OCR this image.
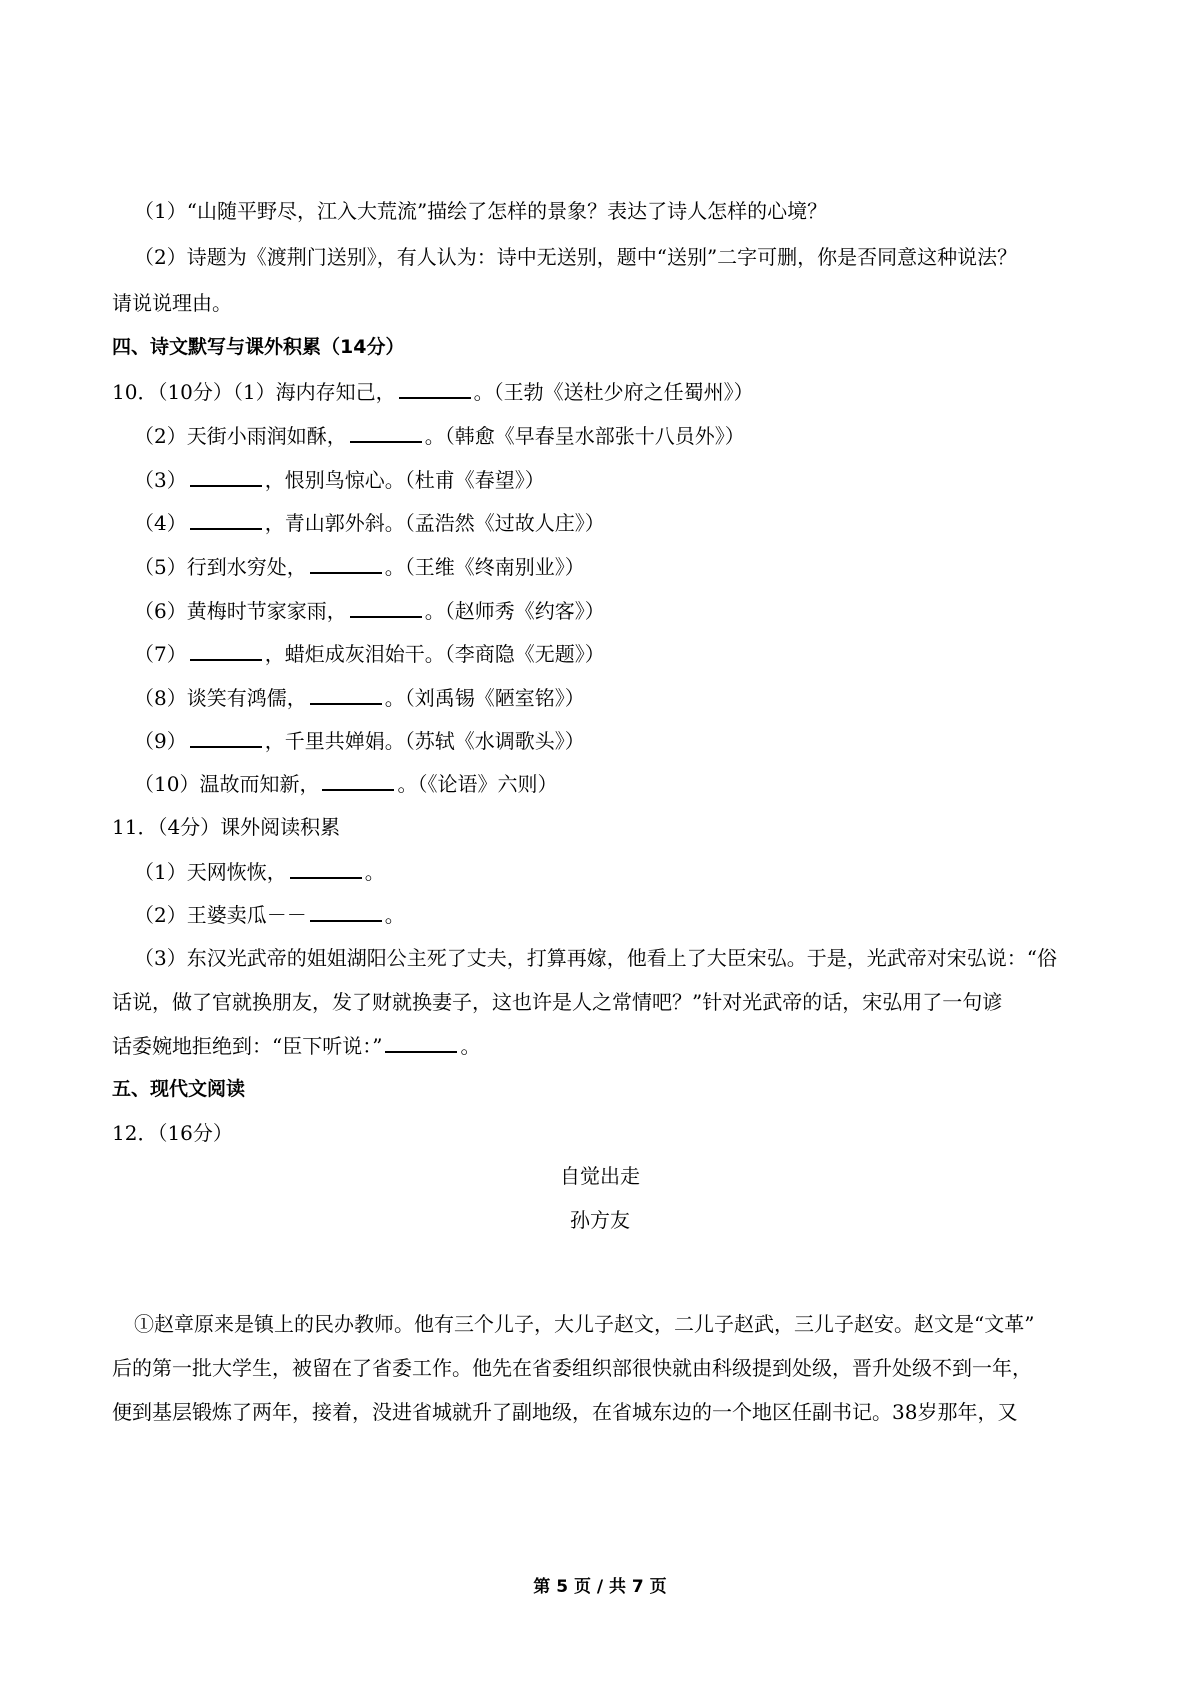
（1）“山随平野尽，江入大荒流”描绘了怎样的景象？表达了诗人怎样的心境？
（2）诗题为《渡荆门送别》，有人认为：诗中无送别，题中“送别”二字可删，你是否同意这种说法？
请说说理由。
四、诗文默写与课外积累（14分）
10．（10分）（1）海内存知己，	。（王勃《送杜少府之任蜀州》）
（2）天街小雨润如酥，	。（韩愈《早春呈水部张十八员外》）
（3）	，恨别鸟惊心。（杜甫《春望》）
（4）	，青山郭外斜。（孟浩然《过故人庄》）
（5）行到水穷处，	。（王维《终南别业》）
（6）黄梅时节家家雨，	。（赵师秀《约客》）
（7）	，蜡炬成灰泪始干。（李商隐《无题》）
（8）谈笑有鸿儒，	。（刘禹锡《陋室铭》）
（9）	，千里共婵娟。（苏轼《水调歌头》）
（10）温故而知新，	。（《论语》六则）
11．（4分）课外阅读积累
（1）天网恢恢，	。
（2）王婆卖瓜－－	。
（3）东汉光武帝的姐姐湖阳公主死了丈夫，打算再嫁，他看上了大臣宋弘。于是，光武帝对宋弘说：“俗
话说，做了官就换朋友，发了财就换妻子，这也许是人之常情吧？”针对光武帝的话，宋弘用了一句谚
话委婉地拒绝到：“臣下听说：”	。
五、现代文阅读
12．（16分）
自觉出走
孙方友
①赵章原来是镇上的民办教师。他有三个儿子，大儿子赵文，二儿子赵武，三儿子赵安。赵文是“文革”
后的第一批大学生，被留在了省委工作。他先在省委组织部很快就由科级提到处级，晋升处级不到一年，
便到基层锻炼了两年，接着，没进省城就升了副地级，在省城东边的一个地区任副书记。38岁那年，又
第 5 页 / 共 7 页
